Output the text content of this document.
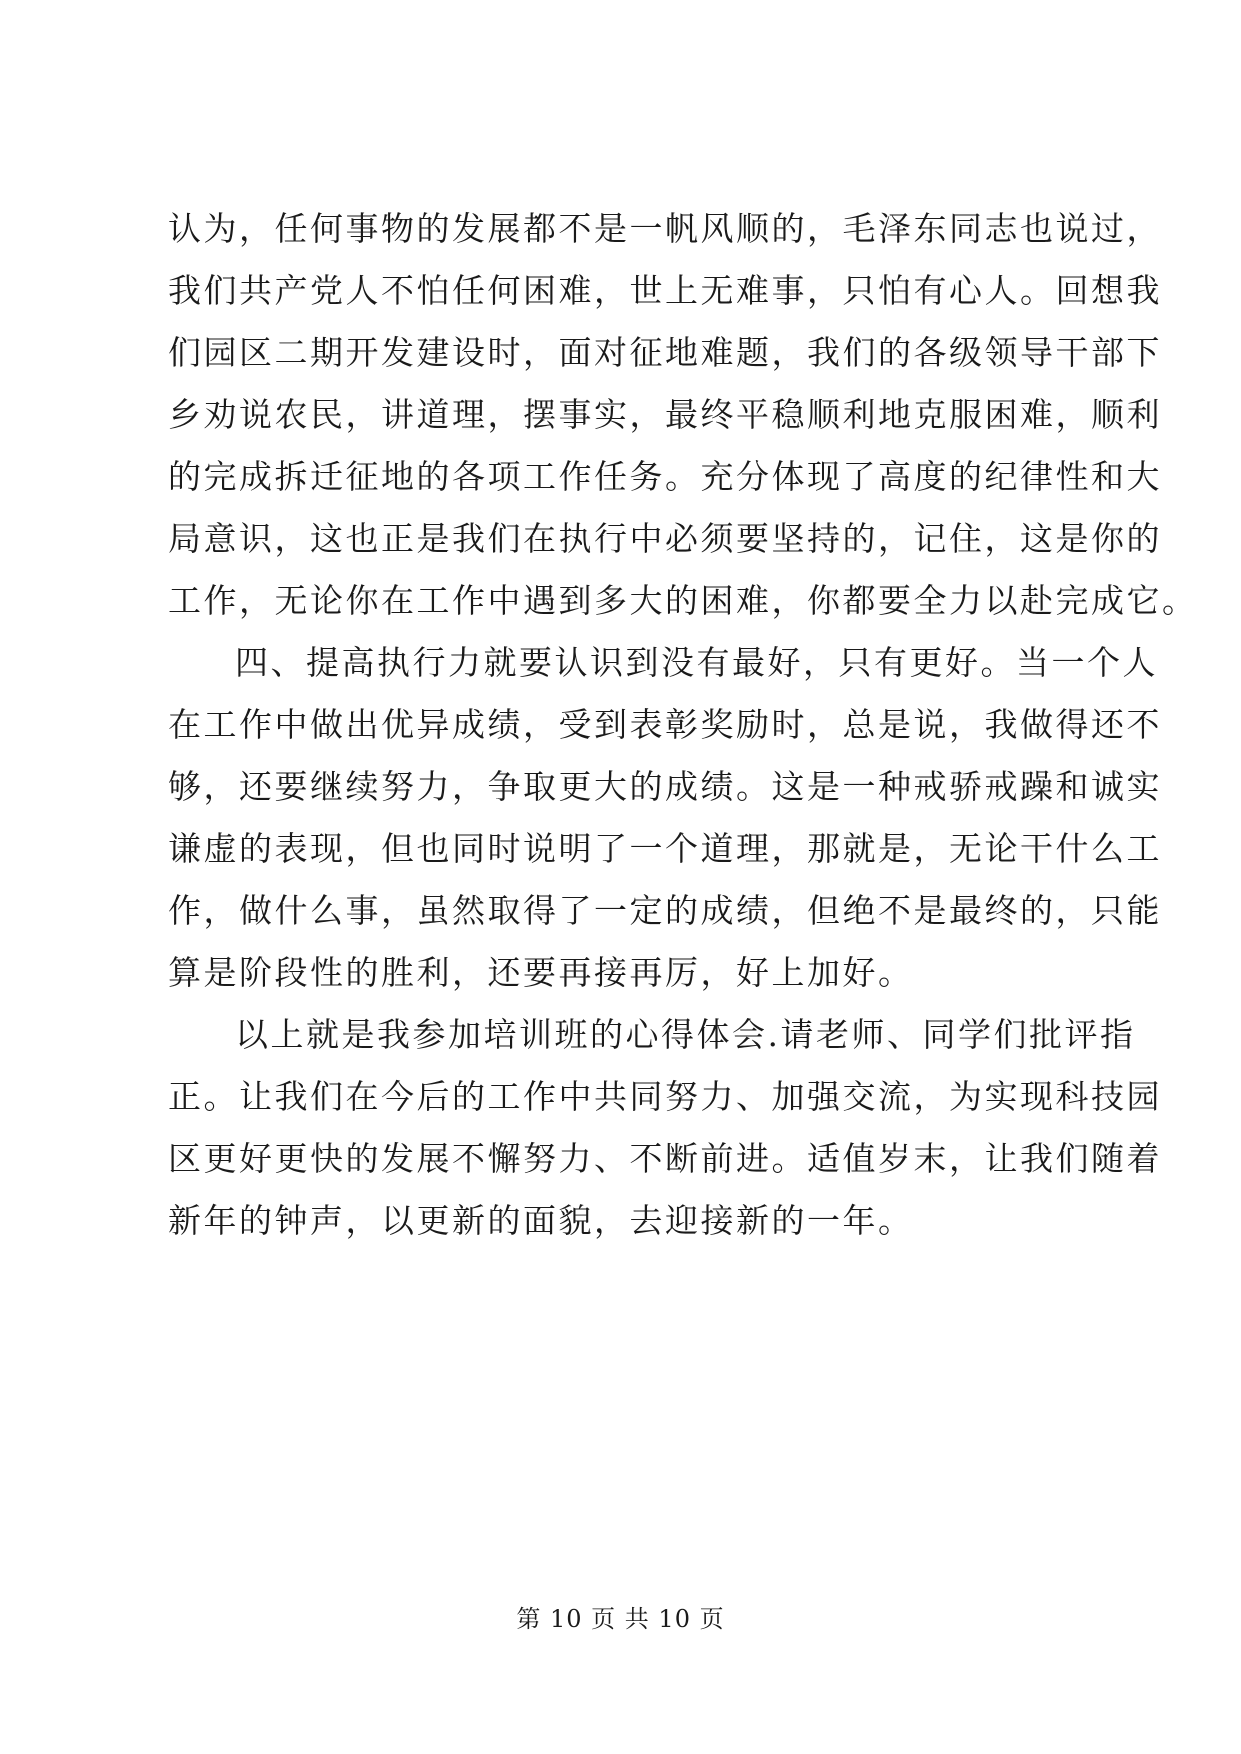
认为，任何事物的发展都不是一帆风顺的，毛泽东同志也说过，
我们共产党人不怕任何困难，世上无难事，只怕有心人。回想我
们园区二期开发建设时，面对征地难题，我们的各级领导干部下
乡劝说农民，讲道理，摆事实，最终平稳顺利地克服困难，顺利
的完成拆迁征地的各项工作任务。充分体现了高度的纪律性和大
局意识，这也正是我们在执行中必须要坚持的，记住，这是你的
工作，无论你在工作中遇到多大的困难，你都要全力以赴完成它。
四、提高执行力就要认识到没有最好，只有更好。当一个人
在工作中做出优异成绩，受到表彰奖励时，总是说，我做得还不
够，还要继续努力，争取更大的成绩。这是一种戒骄戒躁和诚实
谦虚的表现，但也同时说明了一个道理，那就是，无论干什么工
作，做什么事，虽然取得了一定的成绩，但绝不是最终的，只能
算是阶段性的胜利，还要再接再厉，好上加好。
以上就是我参加培训班的心得体会.请老师、同学们批评指
正。让我们在今后的工作中共同努力、加强交流，为实现科技园
区更好更快的发展不懈努力、不断前进。适值岁末，让我们随着
新年的钟声，以更新的面貌，去迎接新的一年。
第 10 页 共 10 页
